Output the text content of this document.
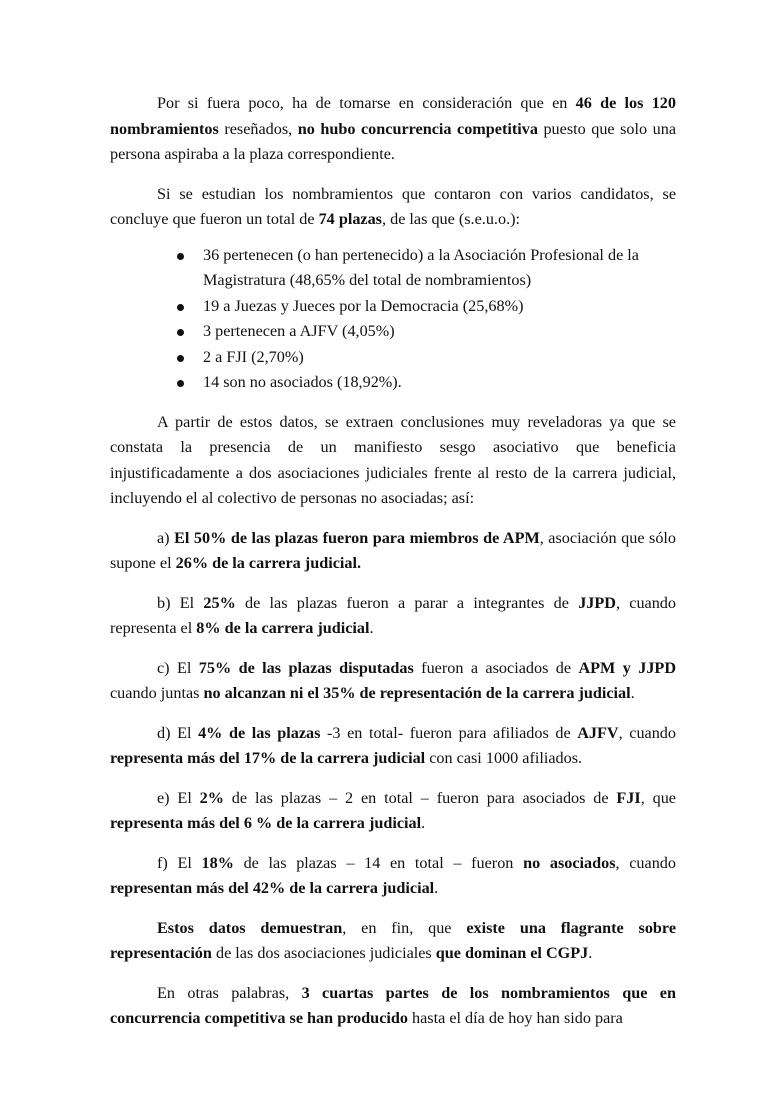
Por si fuera poco, ha de tomarse en consideración que en 46 de los 120 nombramientos reseñados, no hubo concurrencia competitiva puesto que solo una persona aspiraba a la plaza correspondiente.

Si se estudian los nombramientos que contaron con varios candidatos, se concluye que fueron un total de 74 plazas, de las que (s.e.u.o.):

36 pertenecen (o han pertenecido) a la Asociación Profesional de la Magistratura (48,65% del total de nombramientos)
19 a Juezas y Jueces por la Democracia (25,68%)
3 pertenecen a AJFV (4,05%)
2 a FJI (2,70%)
14 son no asociados (18,92%).

A partir de estos datos, se extraen conclusiones muy reveladoras ya que se constata la presencia de un manifiesto sesgo asociativo que beneficia injustificadamente a dos asociaciones judiciales frente al resto de la carrera judicial, incluyendo el al colectivo de personas no asociadas; así:

a) El 50% de las plazas fueron para miembros de APM, asociación que sólo supone el 26% de la carrera judicial.

b) El 25% de las plazas fueron a parar a integrantes de JJPD, cuando representa el 8% de la carrera judicial.

c) El 75% de las plazas disputadas fueron a asociados de APM y JJPD cuando juntas no alcanzan ni el 35% de representación de la carrera judicial.

d) El 4% de las plazas -3 en total- fueron para afiliados de AJFV, cuando representa más del 17% de la carrera judicial con casi 1000 afiliados.

e) El 2% de las plazas – 2 en total – fueron para asociados de FJI, que representa más del 6 % de la carrera judicial.

f) El 18% de las plazas – 14 en total – fueron no asociados, cuando representan más del 42% de la carrera judicial.

Estos datos demuestran, en fin, que existe una flagrante sobre representación de las dos asociaciones judiciales que dominan el CGPJ.

En otras palabras, 3 cuartas partes de los nombramientos que en concurrencia competitiva se han producido hasta el día de hoy han sido para
